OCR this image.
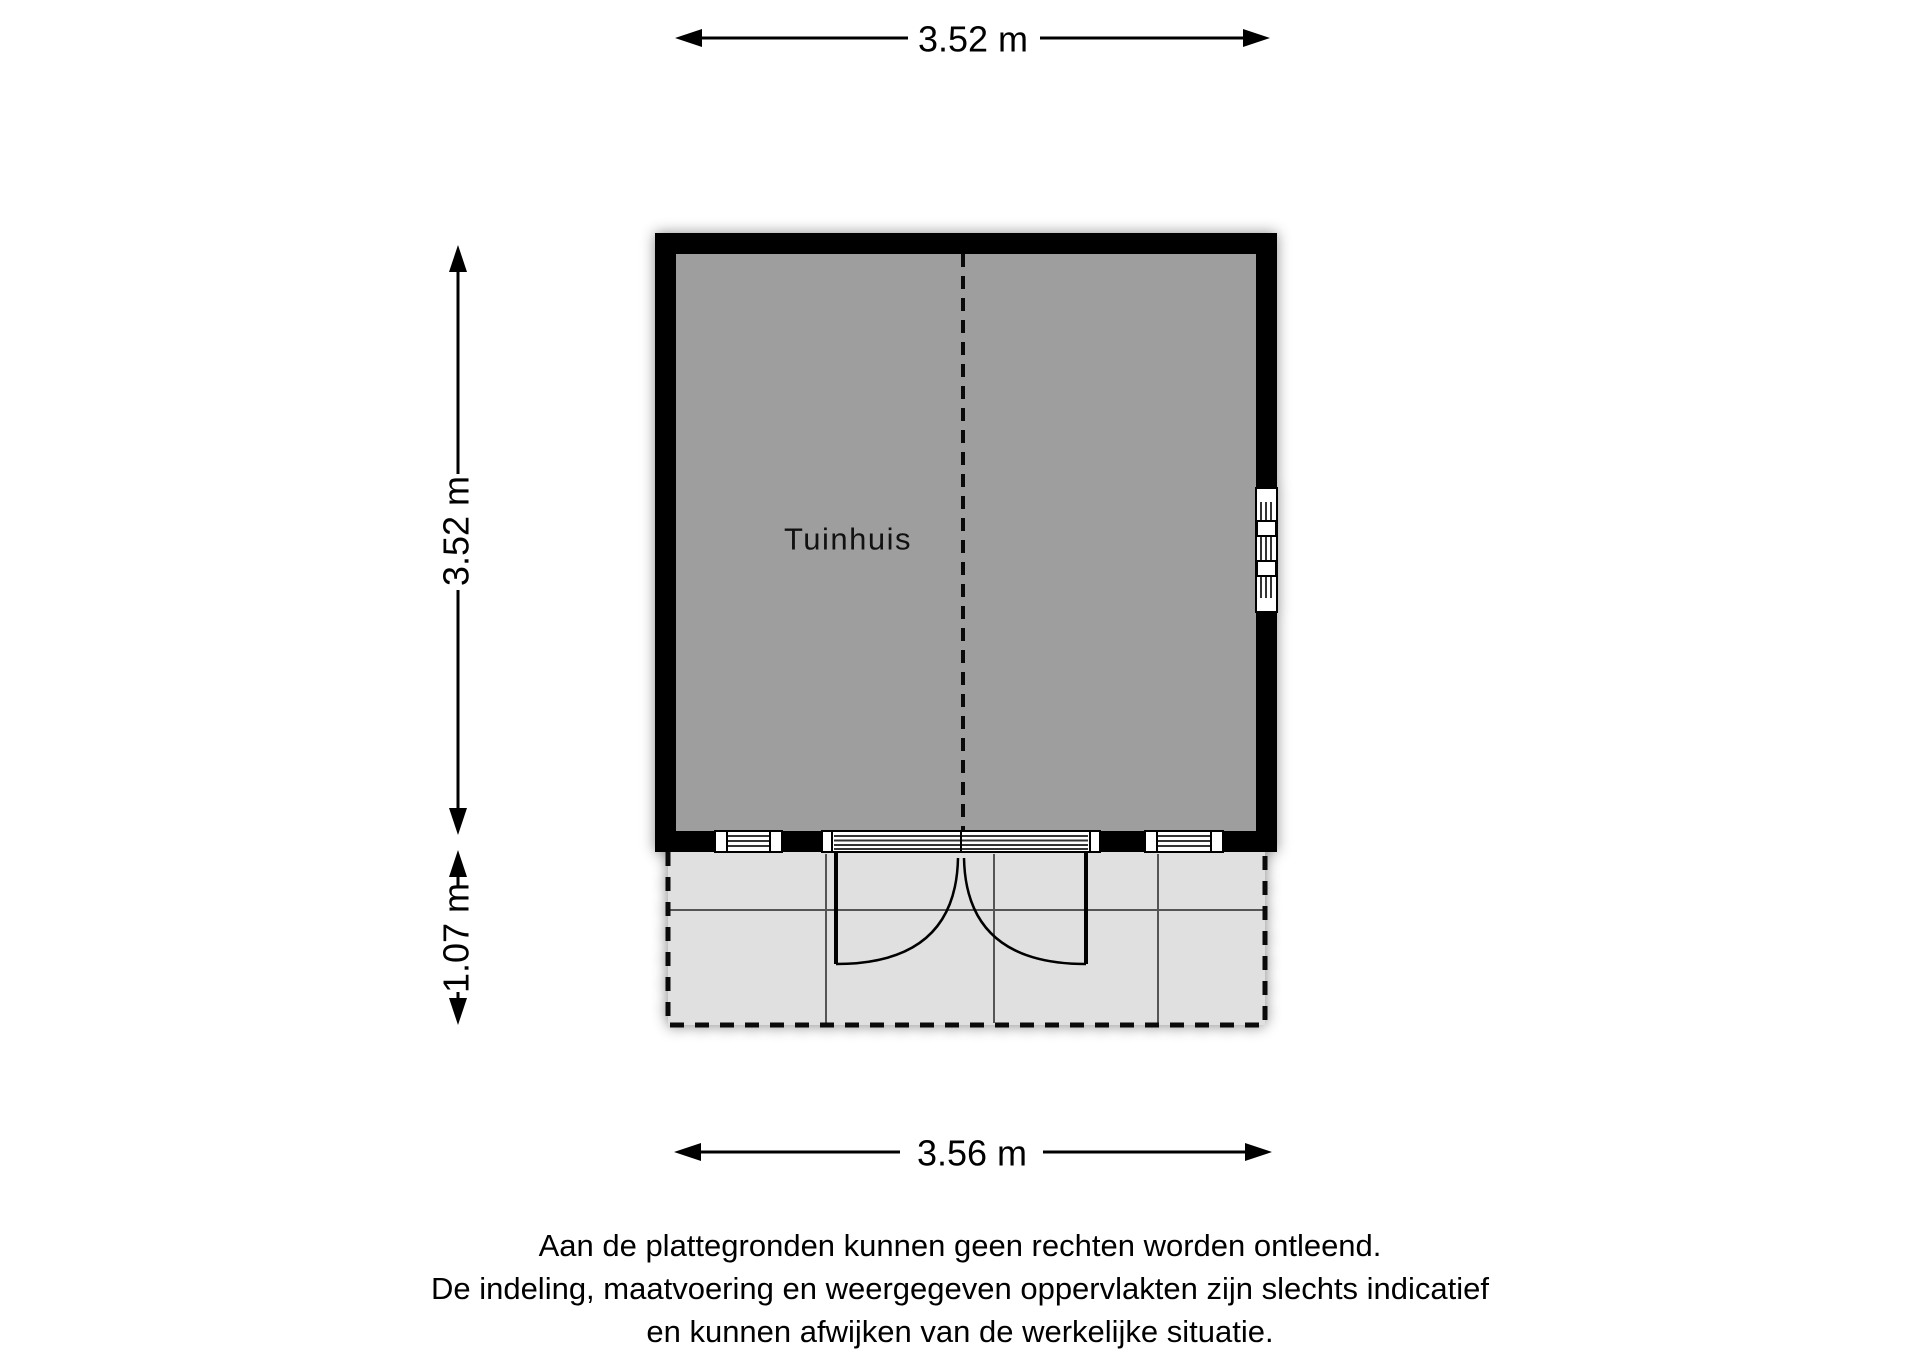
3.52 m
3.52 m
1.07 m
Tuinhuis
3.56 m
Aan de plattegronden kunnen geen rechten worden ontleend.
De indeling, maatvoering en weergegeven oppervlakten zijn slechts indicatief
en kunnen afwijken van de werkelijke situatie.
